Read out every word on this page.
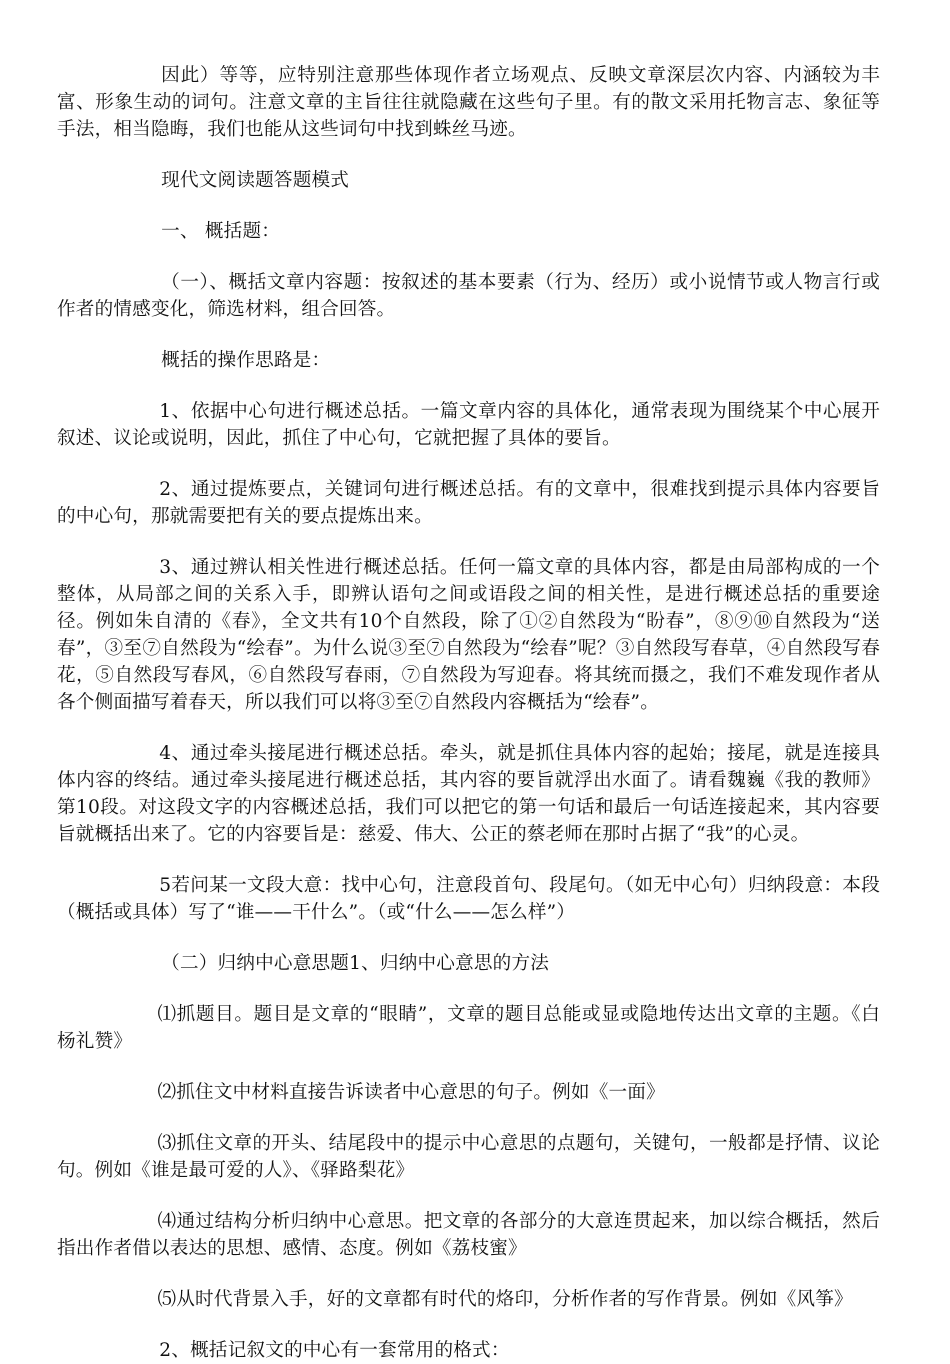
因此）等等，应特别注意那些体现作者立场观点、反映文章深层次内容、内涵较为丰富、形象生动的词句。注意文章的主旨往往就隐藏在这些句子里。有的散文采用托物言志、象征等手法，相当隐晦，我们也能从这些词句中找到蛛丝马迹。

现代文阅读题答题模式

一、 概括题：

（一）、概括文章内容题：按叙述的基本要素（行为、经历）或小说情节或人物言行或作者的情感变化，筛选材料，组合回答。

概括的操作思路是：

1、依据中心句进行概述总括。一篇文章内容的具体化，通常表现为围绕某个中心展开叙述、议论或说明，因此，抓住了中心句，它就把握了具体的要旨。

2、通过提炼要点，关键词句进行概述总括。有的文章中，很难找到提示具体内容要旨的中心句，那就需要把有关的要点提炼出来。

3、通过辨认相关性进行概述总括。任何一篇文章的具体内容，都是由局部构成的一个整体，从局部之间的关系入手，即辨认语句之间或语段之间的相关性，是进行概述总括的重要途径。例如朱自清的《春》，全文共有10个自然段，除了①②自然段为“盼春”，⑧⑨⑩自然段为“送春”，③至⑦自然段为“绘春”。为什么说③至⑦自然段为“绘春”呢？③自然段写春草，④自然段写春花，⑤自然段写春风，⑥自然段写春雨，⑦自然段为写迎春。将其统而摄之，我们不难发现作者从各个侧面描写着春天，所以我们可以将③至⑦自然段内容概括为“绘春”。

4、通过牵头接尾进行概述总括。牵头，就是抓住具体内容的起始；接尾，就是连接具体内容的终结。通过牵头接尾进行概述总括，其内容的要旨就浮出水面了。请看魏巍《我的教师》第10段。对这段文字的内容概述总括，我们可以把它的第一句话和最后一句话连接起来，其内容要旨就概括出来了。它的内容要旨是：慈爱、伟大、公正的蔡老师在那时占据了“我”的心灵。

5若问某一文段大意：找中心句，注意段首句、段尾句。（如无中心句）归纳段意：本段（概括或具体）写了“谁——干什么”。（或“什么——怎么样”）

（二）归纳中心意思题1、归纳中心意思的方法

⑴抓题目。题目是文章的“眼睛”，文章的题目总能或显或隐地传达出文章的主题。《白杨礼赞》

⑵抓住文中材料直接告诉读者中心意思的句子。例如《一面》

⑶抓住文章的开头、结尾段中的提示中心意思的点题句，关键句，一般都是抒情、议论句。例如《谁是最可爱的人》、《驿路梨花》

⑷通过结构分析归纳中心意思。把文章的各部分的大意连贯起来，加以综合概括，然后指出作者借以表达的思想、感情、态度。例如《荔枝蜜》

⑸从时代背景入手，好的文章都有时代的烙印，分析作者的写作背景。例如《风筝》

2、概括记叙文的中心有一套常用的格式：
